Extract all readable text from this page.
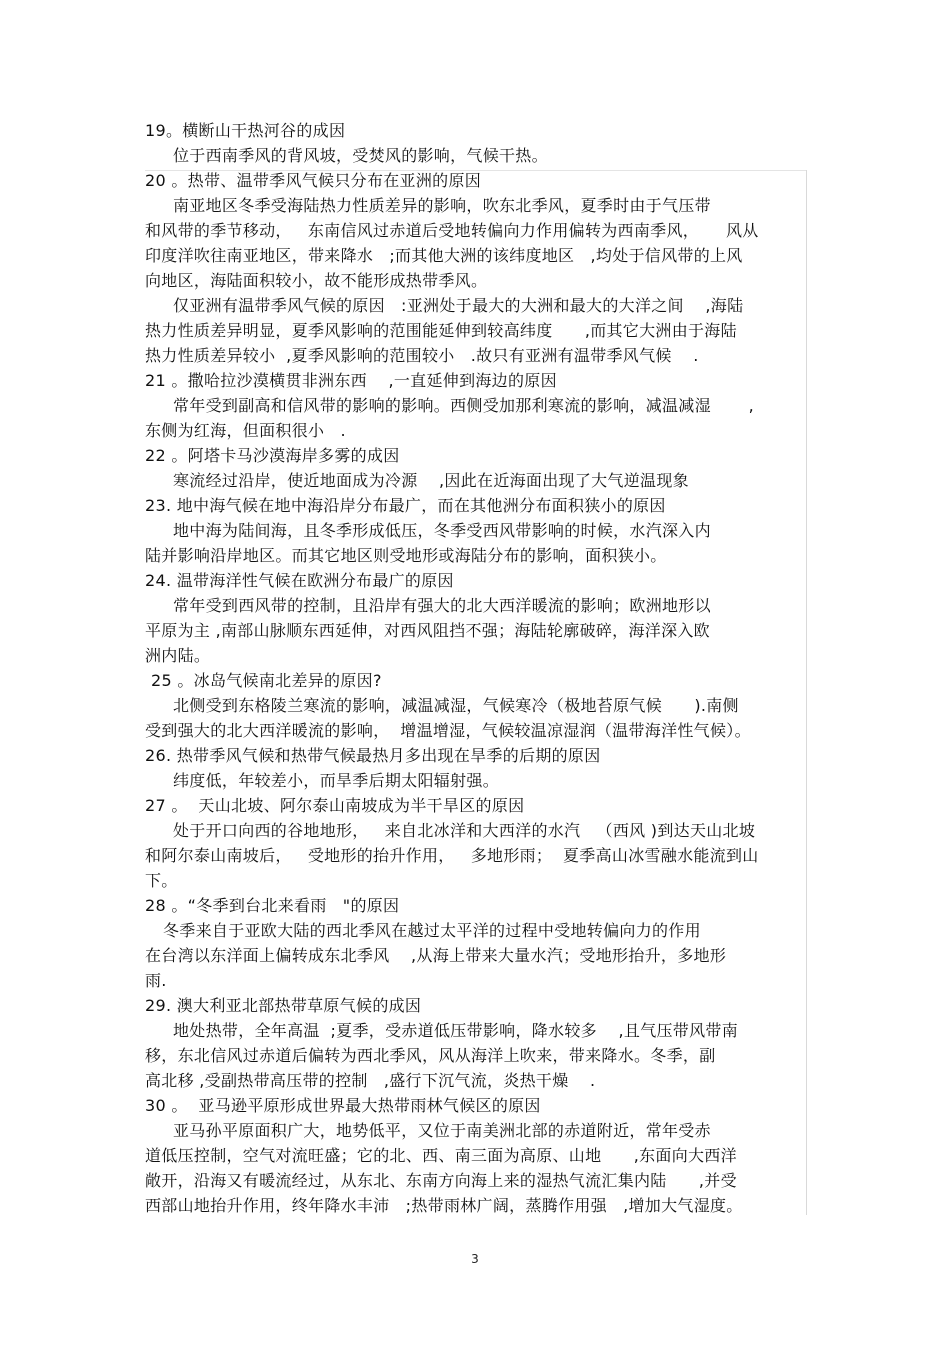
19。横断山干热河谷的成因
位于西南季风的背风坡，受焚风的影响，气候干热。
20 。热带、温带季风气候只分布在亚洲的原因
南亚地区冬季受海陆热力性质差异的影响，吹东北季风，夏季时由于气压带
和风带的季节移动，   东南信风过赤道后受地转偏向力作用偏转为西南季风，     风从
印度洋吹往南亚地区，带来降水   ;而其他大洲的该纬度地区   ,均处于信风带的上风
向地区，海陆面积较小，故不能形成热带季风。
仅亚洲有温带季风气候的原因   :亚洲处于最大的大洲和最大的大洋之间    ,海陆
热力性质差异明显，夏季风影响的范围能延伸到较高纬度      ,而其它大洲由于海陆
热力性质差异较小  ,夏季风影响的范围较小   .故只有亚洲有温带季风气候    .
21 。撒哈拉沙漠横贯非洲东西    ,一直延伸到海边的原因
常年受到副高和信风带的影响的影响。西侧受加那利寒流的影响，减温减湿       ,
东侧为红海，但面积很小   .
22 。阿塔卡马沙漠海岸多雾的成因
寒流经过沿岸，使近地面成为冷源    ,因此在近海面出现了大气逆温现象
23. 地中海气候在地中海沿岸分布最广，而在其他洲分布面积狭小的原因
地中海为陆间海，且冬季形成低压，冬季受西风带影响的时候，水汽深入内
陆并影响沿岸地区。而其它地区则受地形或海陆分布的影响，面积狭小。
24. 温带海洋性气候在欧洲分布最广的原因
常年受到西风带的控制，且沿岸有强大的北大西洋暖流的影响；欧洲地形以
平原为主 ,南部山脉顺东西延伸，对西风阻挡不强；海陆轮廓破碎，海洋深入欧
洲内陆。
25 。冰岛气候南北差异的原因?
北侧受到东格陵兰寒流的影响，减温减湿，气候寒冷（极地苔原气候      ).南侧
受到强大的北大西洋暖流的影响，  增温增湿，气候较温凉湿润（温带海洋性气候）。
26. 热带季风气候和热带气候最热月多出现在旱季的后期的原因
纬度低，年较差小，而旱季后期太阳辐射强。
27 。  天山北坡、阿尔泰山南坡成为半干旱区的原因
处于开口向西的谷地地形，   来自北冰洋和大西洋的水汽   （西风 )到达天山北坡
和阿尔泰山南坡后，   受地形的抬升作用，   多地形雨；  夏季高山冰雪融水能流到山
下。
28 。“冬季到台北来看雨   "的原因
冬季来自于亚欧大陆的西北季风在越过太平洋的过程中受地转偏向力的作用
在台湾以东洋面上偏转成东北季风    ,从海上带来大量水汽；受地形抬升，多地形
雨.
29. 澳大利亚北部热带草原气候的成因
地处热带，全年高温  ;夏季，受赤道低压带影响，降水较多    ,且气压带风带南
移，东北信风过赤道后偏转为西北季风，风从海洋上吹来，带来降水。冬季，副
高北移 ,受副热带高压带的控制   ,盛行下沉气流，炎热干燥    .
30 。  亚马逊平原形成世界最大热带雨林气候区的原因
亚马孙平原面积广大，地势低平，又位于南美洲北部的赤道附近，常年受赤
道低压控制，空气对流旺盛；它的北、西、南三面为高原、山地      ,东面向大西洋
敞开，沿海又有暖流经过，从东北、东南方向海上来的湿热气流汇集内陆      ,并受
西部山地抬升作用，终年降水丰沛   ;热带雨林广阔，蒸腾作用强   ,增加大气湿度。
3
